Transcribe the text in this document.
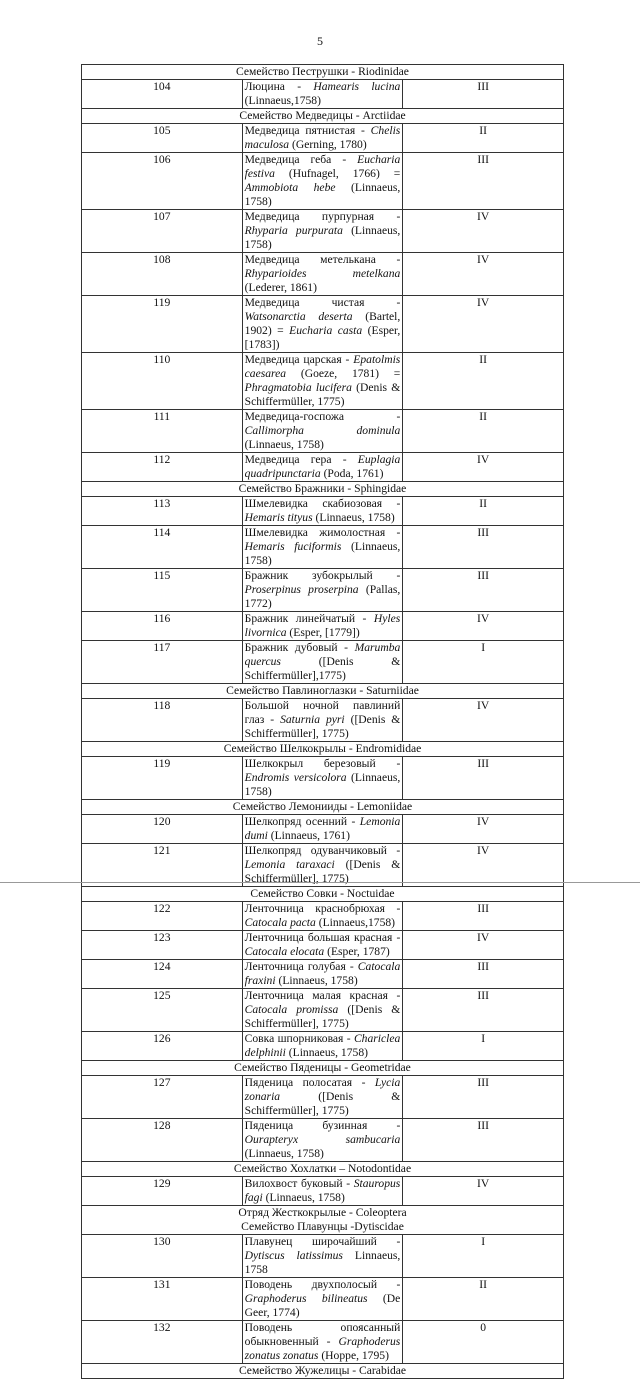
5
Семейство Пеструшки - Riodinidae		
104	Люцина - Hamearis lucina (Linnaeus,1758)	III
Семейство Медведицы - Arctiidae		
105	Медведица пятнистая - Chelis maculosa (Gerning, 1780)	II
106	Медведица геба - Eucharia festiva (Hufnagel, 1766) = Ammobiota hebe (Linnaeus, 1758)	III
107	Медведица пурпурная - Rhyparia purpurata (Linnaeus, 1758)	IV
108	Медведица метелькана - Rhyparioides metelkana (Lederer, 1861)	IV
119	Медведица чистая - Watsonarctia deserta (Bartel, 1902) = Eucharia casta (Esper, [1783])	IV
110	Медведица царская - Epatolmis caesarea (Goeze, 1781) = Phragmatobia lucifera (Denis & Schiffermüller, 1775)	II
111	Медведица-госпожа - Callimorpha dominula (Linnaeus, 1758)	II
112	Медведица гера - Euplagia quadripunctaria (Poda, 1761)	IV
Семейство Бражники - Sphingidae		
113	Шмелевидка скабиозовая - Hemaris tityus (Linnaeus, 1758)	II
114	Шмелевидка жимолостная - Hemaris fuciformis (Linnaeus, 1758)	III
115	Бражник зубокрылый - Proserpinus proserpina (Pallas, 1772)	III
116	Бражник линейчатый - Hyles livornica (Esper, [1779])	IV
117	Бражник дубовый - Marumba quercus ([Denis & Schiffermüller],1775)	I
Семейство Павлиноглазки - Saturniidae		
118	Большой ночной павлиний глаз - Saturnia pyri ([Denis & Schiffermüller], 1775)	IV
Семейство Шелкокрылы - Endromididae		
119	Шелкокрыл березовый - Endromis versicolora (Linnaeus, 1758)	III
Семейство Лемонииды - Lemoniidae		
120	Шелкопряд осенний - Lemonia dumi (Linnaeus, 1761)	IV
121	Шелкопряд одуванчиковый - Lemonia taraxaci ([Denis & Schiffermüller], 1775)	IV
Семейство Совки - Noctuidae		
122	Ленточница краснобрюхая - Catocala pacta (Linnaeus,1758)	III
123	Ленточница большая красная - Catocala elocata (Esper, 1787)	IV
124	Ленточница голубая - Catocala fraxini (Linnaeus, 1758)	III
125	Ленточница малая красная - Catocala promissa ([Denis & Schiffermüller], 1775)	III
126	Совка шпорниковая - Chariclea delphinii (Linnaeus, 1758)	I
Семейство Пяденицы - Geometridae		
127	Пяденица полосатая - Lycia zonaria ([Denis & Schiffermüller], 1775)	III
128	Пяденица бузинная - Ourapteryx sambucaria (Linnaeus, 1758)	III
Семейство Хохлатки – Notodontidae		
129	Вилохвост буковый - Stauropus fagi (Linnaeus, 1758)	IV

Отряд Жесткокрылые - Coleoptera
Семейство Плавунцы -Dytiscidae		

130	Плавунец широчайший - Dytiscus latissimus Linnaeus, 1758	I
131	Поводень двухполосый - Graphoderus bilineatus (De Geer, 1774)	II
132	Поводень опоясанный обыкновенный - Graphoderus zonatus zonatus (Hoppe, 1795)	0
Семейство Жужелицы - Carabidae		
